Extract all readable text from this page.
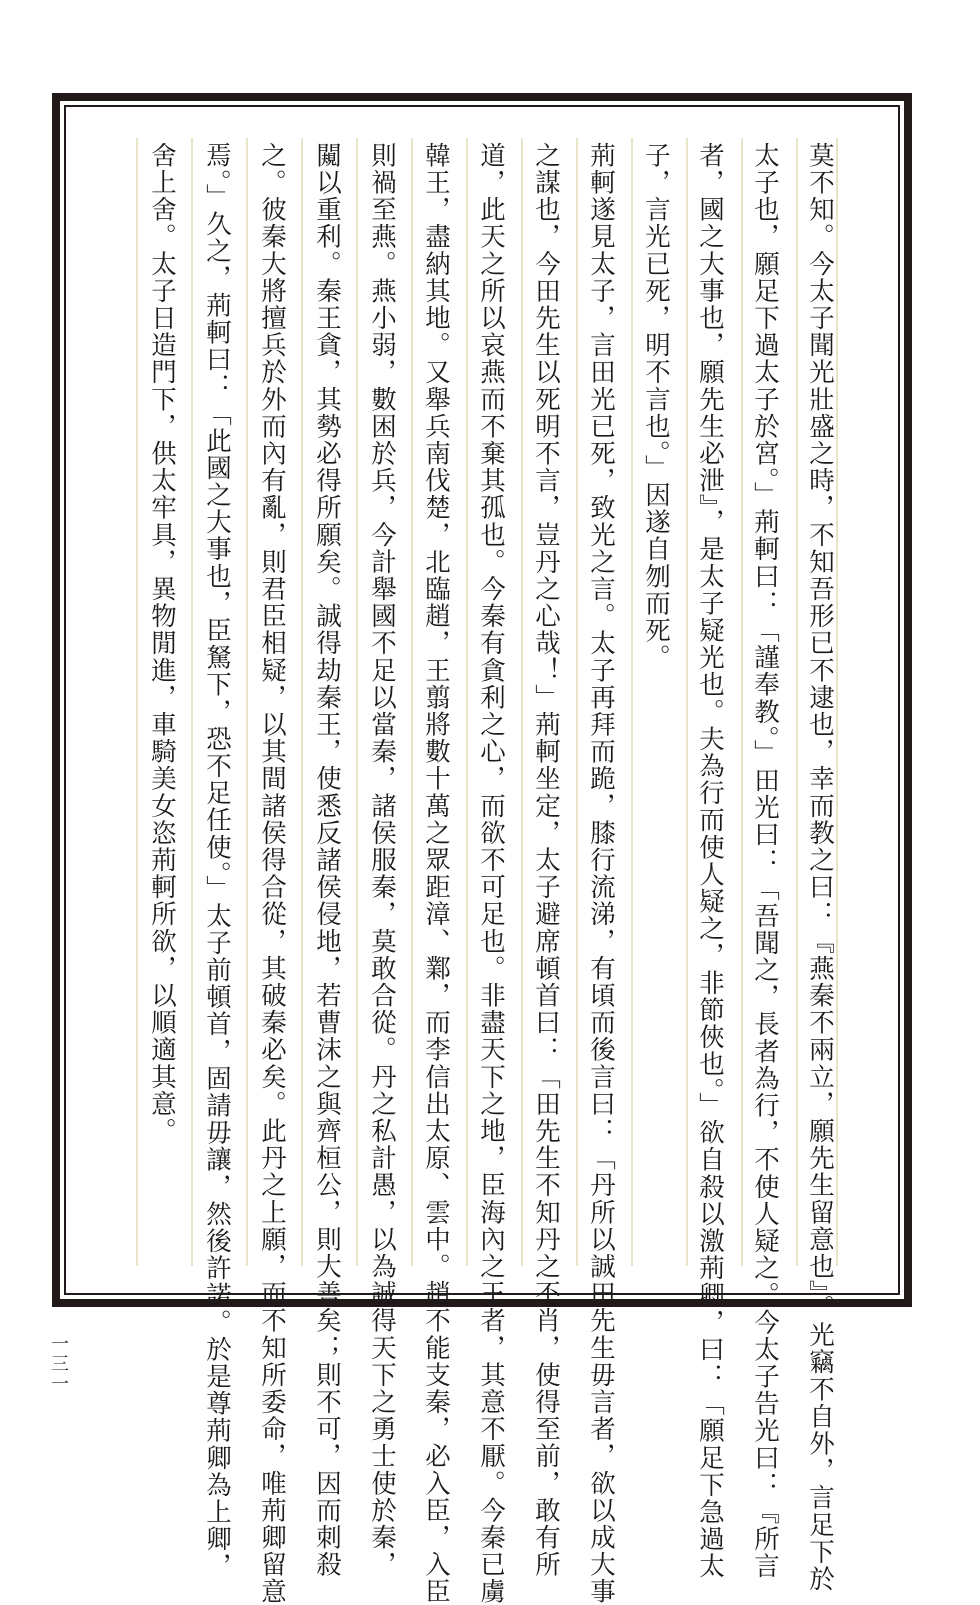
莫不知。今太子聞光壯盛之時，不知吾形已不逮也，幸而教之曰：『燕秦不兩立，願先生留意也』。光竊不自外，言足下於
太子也，願足下過太子於宮。」荊軻曰：「謹奉教。」田光曰：「吾聞之，長者為行，不使人疑之。今太子告光曰：『所言
者，國之大事也，願先生必泄』，是太子疑光也。夫為行而使人疑之，非節俠也。」欲自殺以激荊卿，曰：「願足下急過太
子，言光已死，明不言也。」因遂自刎而死。
荊軻遂見太子，言田光已死，致光之言。太子再拜而跪，膝行流涕，有頃而後言曰：「丹所以誠田先生毋言者，欲以成大事
之謀也，今田先生以死明不言，豈丹之心哉！」荊軻坐定，太子避席頓首曰：「田先生不知丹之不肖，使得至前，敢有所
道，此天之所以哀燕而不棄其孤也。今秦有貪利之心，而欲不可足也。非盡天下之地，臣海內之王者，其意不厭。今秦已虜
韓王，盡納其地。又舉兵南伐楚，北臨趙，王翦將數十萬之眾距漳、鄴，而李信出太原、雲中。趙不能支秦，必入臣，入臣
則禍至燕。燕小弱，數困於兵，今計舉國不足以當秦，諸侯服秦，莫敢合從。丹之私計愚，以為誠得天下之勇士使於秦，
闚以重利。秦王貪，其勢必得所願矣。誠得劫秦王，使悉反諸侯侵地，若曹沫之與齊桓公，則大善矣；則不可，因而刺殺
之。彼秦大將擅兵於外而內有亂，則君臣相疑，以其間諸侯得合從，其破秦必矣。此丹之上願，而不知所委命，唯荊卿留意
焉。」久之，荊軻曰：「此國之大事也，臣駑下，恐不足任使。」太子前頓首，固請毋讓，然後許諾。於是尊荊卿為上卿，
舍上舍。太子日造門下，供太牢具，異物閒進，車騎美女恣荊軻所欲，以順適其意。
一三一
